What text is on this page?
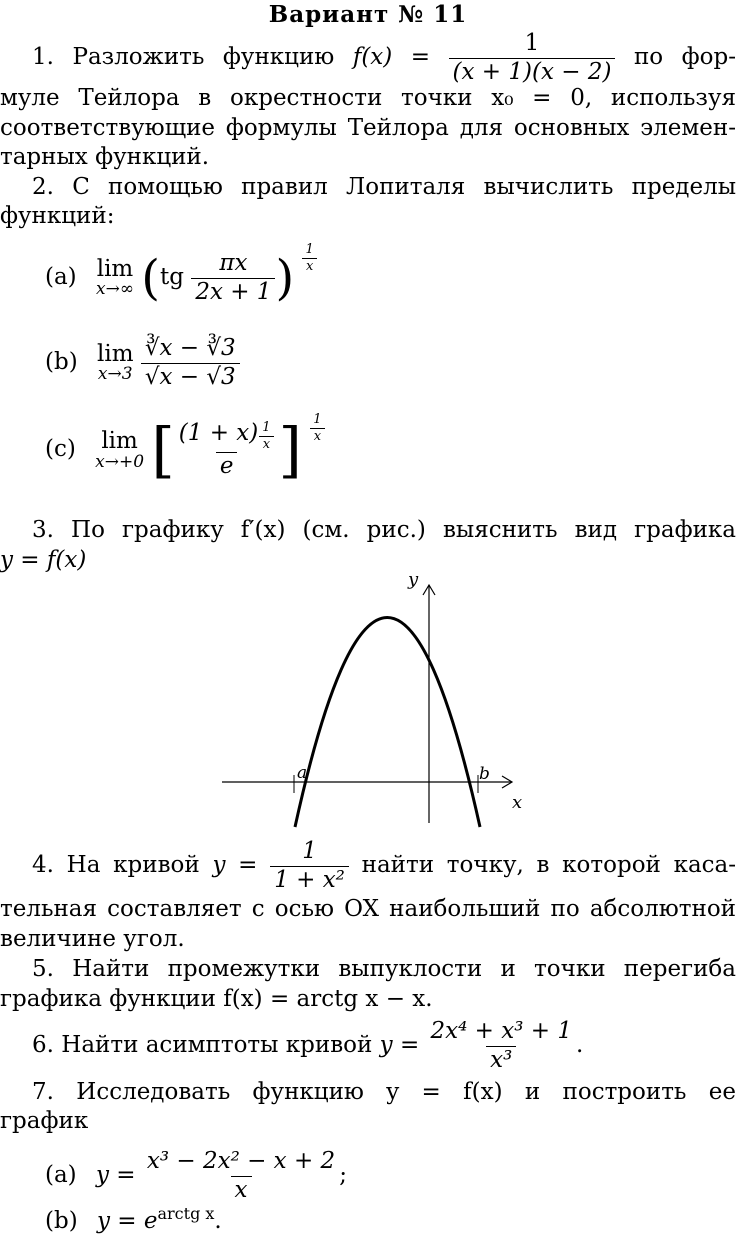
Вариант № 11
1. Разложить функцию $f(x) = \frac{1}{(x + 1)(x - 2)}$ по фор-
муле Тейлора в окрестности точки x₀ = 0, используя
соответствующие формулы Тейлора для основных элемен-
тарных функций.
2. С помощью правил Лопиталя вычислить пределы
функций:
(a) lim
x→∞ ($tg \frac{\pi x}{2x + 1}$ ) $\frac{1}{x}$
(b) lim
x→3
$\frac{∛x - ∛3}{√x - √3}$
(c) lim
x→+0 [ $\frac{(1 + x) \frac{1}{x}}{e}$ ] $\frac{1}{x}$
3. По графику f′(x) (см. рис.) выяснить вид графика
y = f(x)
y
x
a	b
4. На кривой $y = \frac{1}{\text{1 + x²}}$ найти точку, в которой каса-
тельная составляет с осью OX наибольший по абсолютной
величине угол.
5. Найти промежутки выпуклости и точки перегиба
графика функции f(x) = arctg x − x.
6. Найти асимптоты кривой $y = \frac{\text{2x⁴ + x³ + 1}}{\text{x³}}$ .
7. Исследовать функцию y = f(x) и построить ее
график
(a) $y = \frac{\text{x³ − 2x² − x + 2}}{x}$ ;
(b) $y = e^{arctg x}$.
